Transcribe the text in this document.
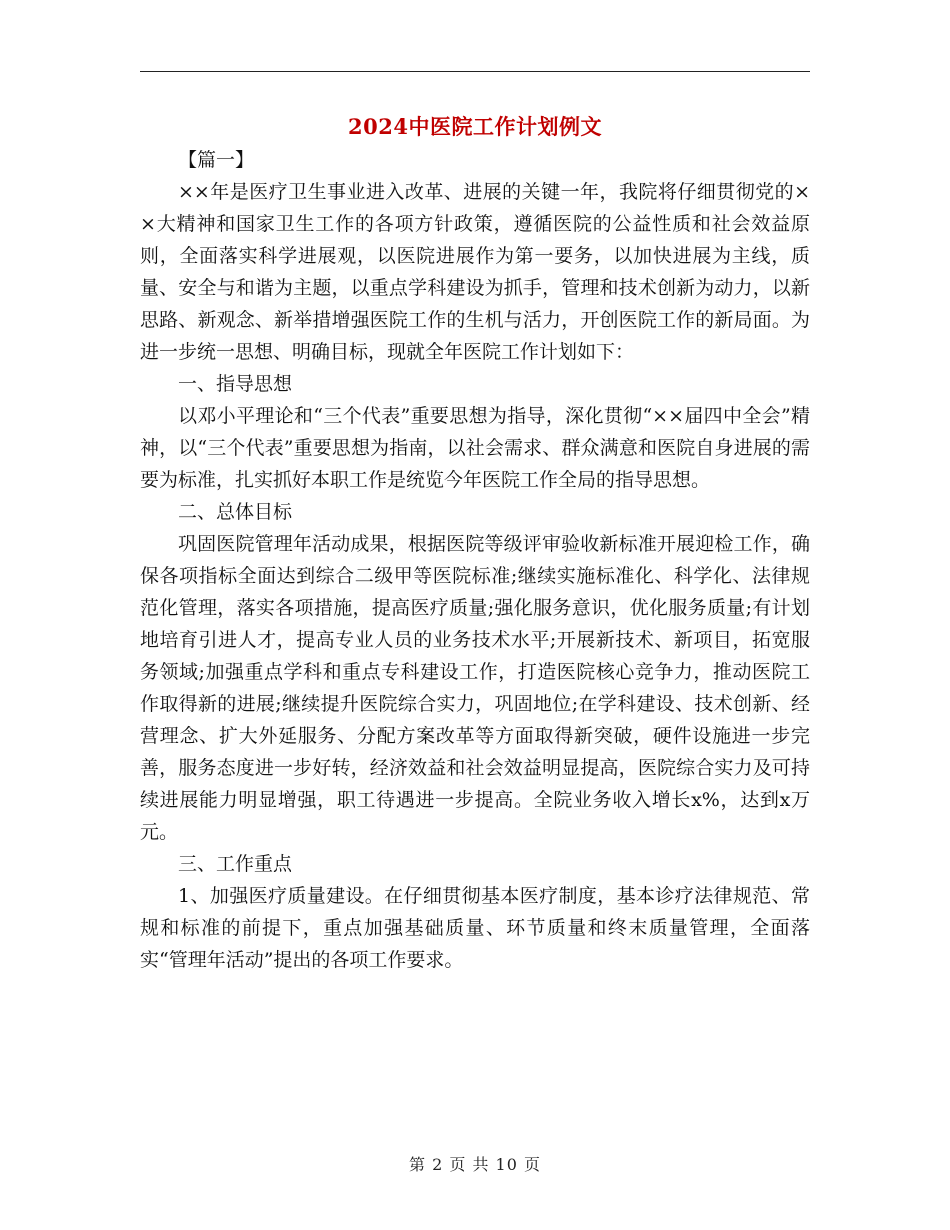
2024中医院工作计划例文

【篇一】

××年是医疗卫生事业进入改革、进展的关键一年，我院将仔细贯彻党的××大精神和国家卫生工作的各项方针政策，遵循医院的公益性质和社会效益原则，全面落实科学进展观，以医院进展作为第一要务，以加快进展为主线，质量、安全与和谐为主题，以重点学科建设为抓手，管理和技术创新为动力，以新思路、新观念、新举措增强医院工作的生机与活力，开创医院工作的新局面。为进一步统一思想、明确目标，现就全年医院工作计划如下：

一、指导思想

以邓小平理论和“三个代表”重要思想为指导，深化贯彻“××届四中全会”精神，以“三个代表”重要思想为指南，以社会需求、群众满意和医院自身进展的需要为标准，扎实抓好本职工作是统览今年医院工作全局的指导思想。

二、总体目标

巩固医院管理年活动成果，根据医院等级评审验收新标准开展迎检工作，确保各项指标全面达到综合二级甲等医院标准;继续实施标准化、科学化、法律规范化管理，落实各项措施，提高医疗质量;强化服务意识，优化服务质量;有计划地培育引进人才，提高专业人员的业务技术水平;开展新技术、新项目，拓宽服务领域;加强重点学科和重点专科建设工作，打造医院核心竞争力，推动医院工作取得新的进展;继续提升医院综合实力，巩固地位;在学科建设、技术创新、经营理念、扩大外延服务、分配方案改革等方面取得新突破，硬件设施进一步完善，服务态度进一步好转，经济效益和社会效益明显提高，医院综合实力及可持续进展能力明显增强，职工待遇进一步提高。全院业务收入增长x%，达到x万元。

三、工作重点

1、加强医疗质量建设。在仔细贯彻基本医疗制度，基本诊疗法律规范、常规和标准的前提下，重点加强基础质量、环节质量和终末质量管理，全面落实“管理年活动”提出的各项工作要求。

第 2 页 共 10 页
